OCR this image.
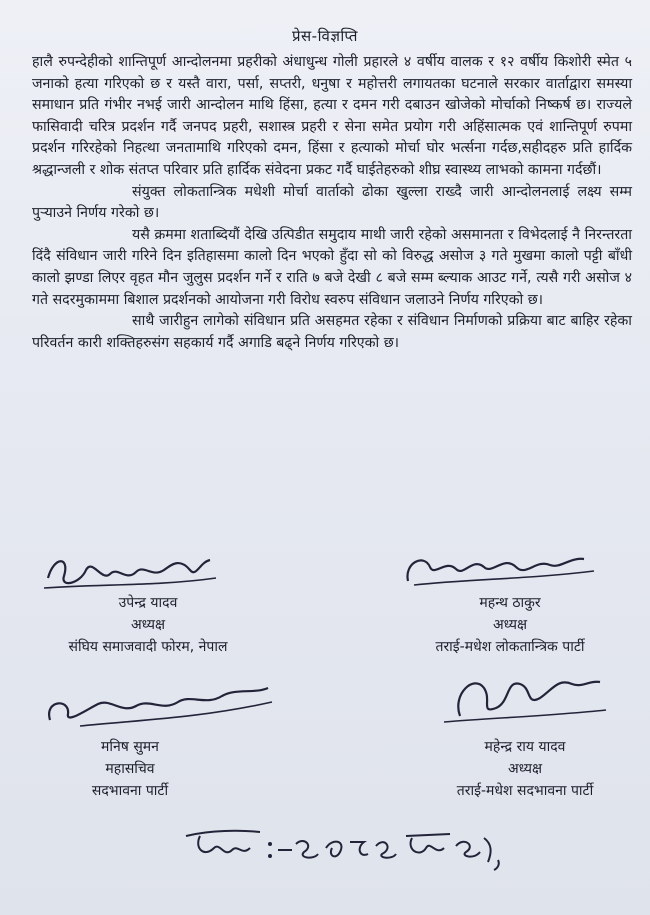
प्रेस-विज्ञप्ति

हालै रुपन्देहीको शान्तिपूर्ण आन्दोलनमा प्रहरीको अंधाधुन्ध गोली प्रहारले ४ वर्षीय वालक र १२ वर्षीय किशोरी स्मेत ५ जनाको हत्या गरिएको छ र यस्तै वारा, पर्सा, सप्तरी, धनुषा र महोत्तरी लगायतका घटनाले सरकार वार्ताद्वारा समस्या समाधान प्रति गंभीर नभई जारी आन्दोलन माथि हिंसा, हत्या र दमन गरी दबाउन खोजेको मोर्चाको निष्कर्ष छ। राज्यले फासिवादी चरित्र प्रदर्शन गर्दै जनपद प्रहरी, सशास्त्र प्रहरी र सेना समेत प्रयोग गरी अहिंसात्मक एवं शान्तिपूर्ण रुपमा प्रदर्शन गरिरहेको निहत्था जनतामाथि गरिएको दमन, हिंसा र हत्याको मोर्चा घोर भर्त्सना गर्दछ,सहीदहरु प्रति हार्दिक श्रद्धान्जली र शोक संतप्त परिवार प्रति हार्दिक संवेदना प्रकट गर्दै घाईतेहरुको शीघ्र स्वास्थ्य लाभको कामना गर्दछौं।

संयुक्त लोकतान्त्रिक मधेशी मोर्चा वार्ताको ढोका खुल्ला राख्दै जारी आन्दोलनलाई लक्ष्य सम्म पुर्‍याउने निर्णय गरेको छ।

यसै क्रममा शताब्दियौं देखि उत्पिडीत समुदाय माथी जारी रहेको असमानता र विभेदलाई नै निरन्तरता दिंदै संविधान जारी गरिने दिन इतिहासमा कालो दिन भएको हुँदा सो को विरुद्ध असोज ३ गते मुखमा कालो पट्टी बाँधी कालो झण्डा लिएर वृहत मौन जुलुस प्रदर्शन गर्ने र राति ७ बजे देखी ८ बजे सम्म ब्ल्याक आउट गर्ने, त्यसै गरी असोज ४ गते सदरमुकाममा बिशाल प्रदर्शनको आयोजना गरी विरोध स्वरुप संविधान जलाउने निर्णय गरिएको छ।

साथै जारीहुन लागेको संविधान प्रति असहमत रहेका र संविधान निर्माणको प्रक्रिया बाट बाहिर रहेका परिवर्तन कारी शक्तिहरुसंग सहकार्य गर्दै अगाडि बढ्ने निर्णय गरिएको छ।

उपेन्द्र यादव
अध्यक्ष
संघिय समाजवादी फोरम, नेपाल
महन्थ ठाकुर
अध्यक्ष
तराई-मधेश लोकतान्त्रिक पार्टी
मनिष सुमन
महासचिव
सदभावना पार्टी
महेन्द्र राय यादव
अध्यक्ष
तराई-मधेश सदभावना पार्टी
